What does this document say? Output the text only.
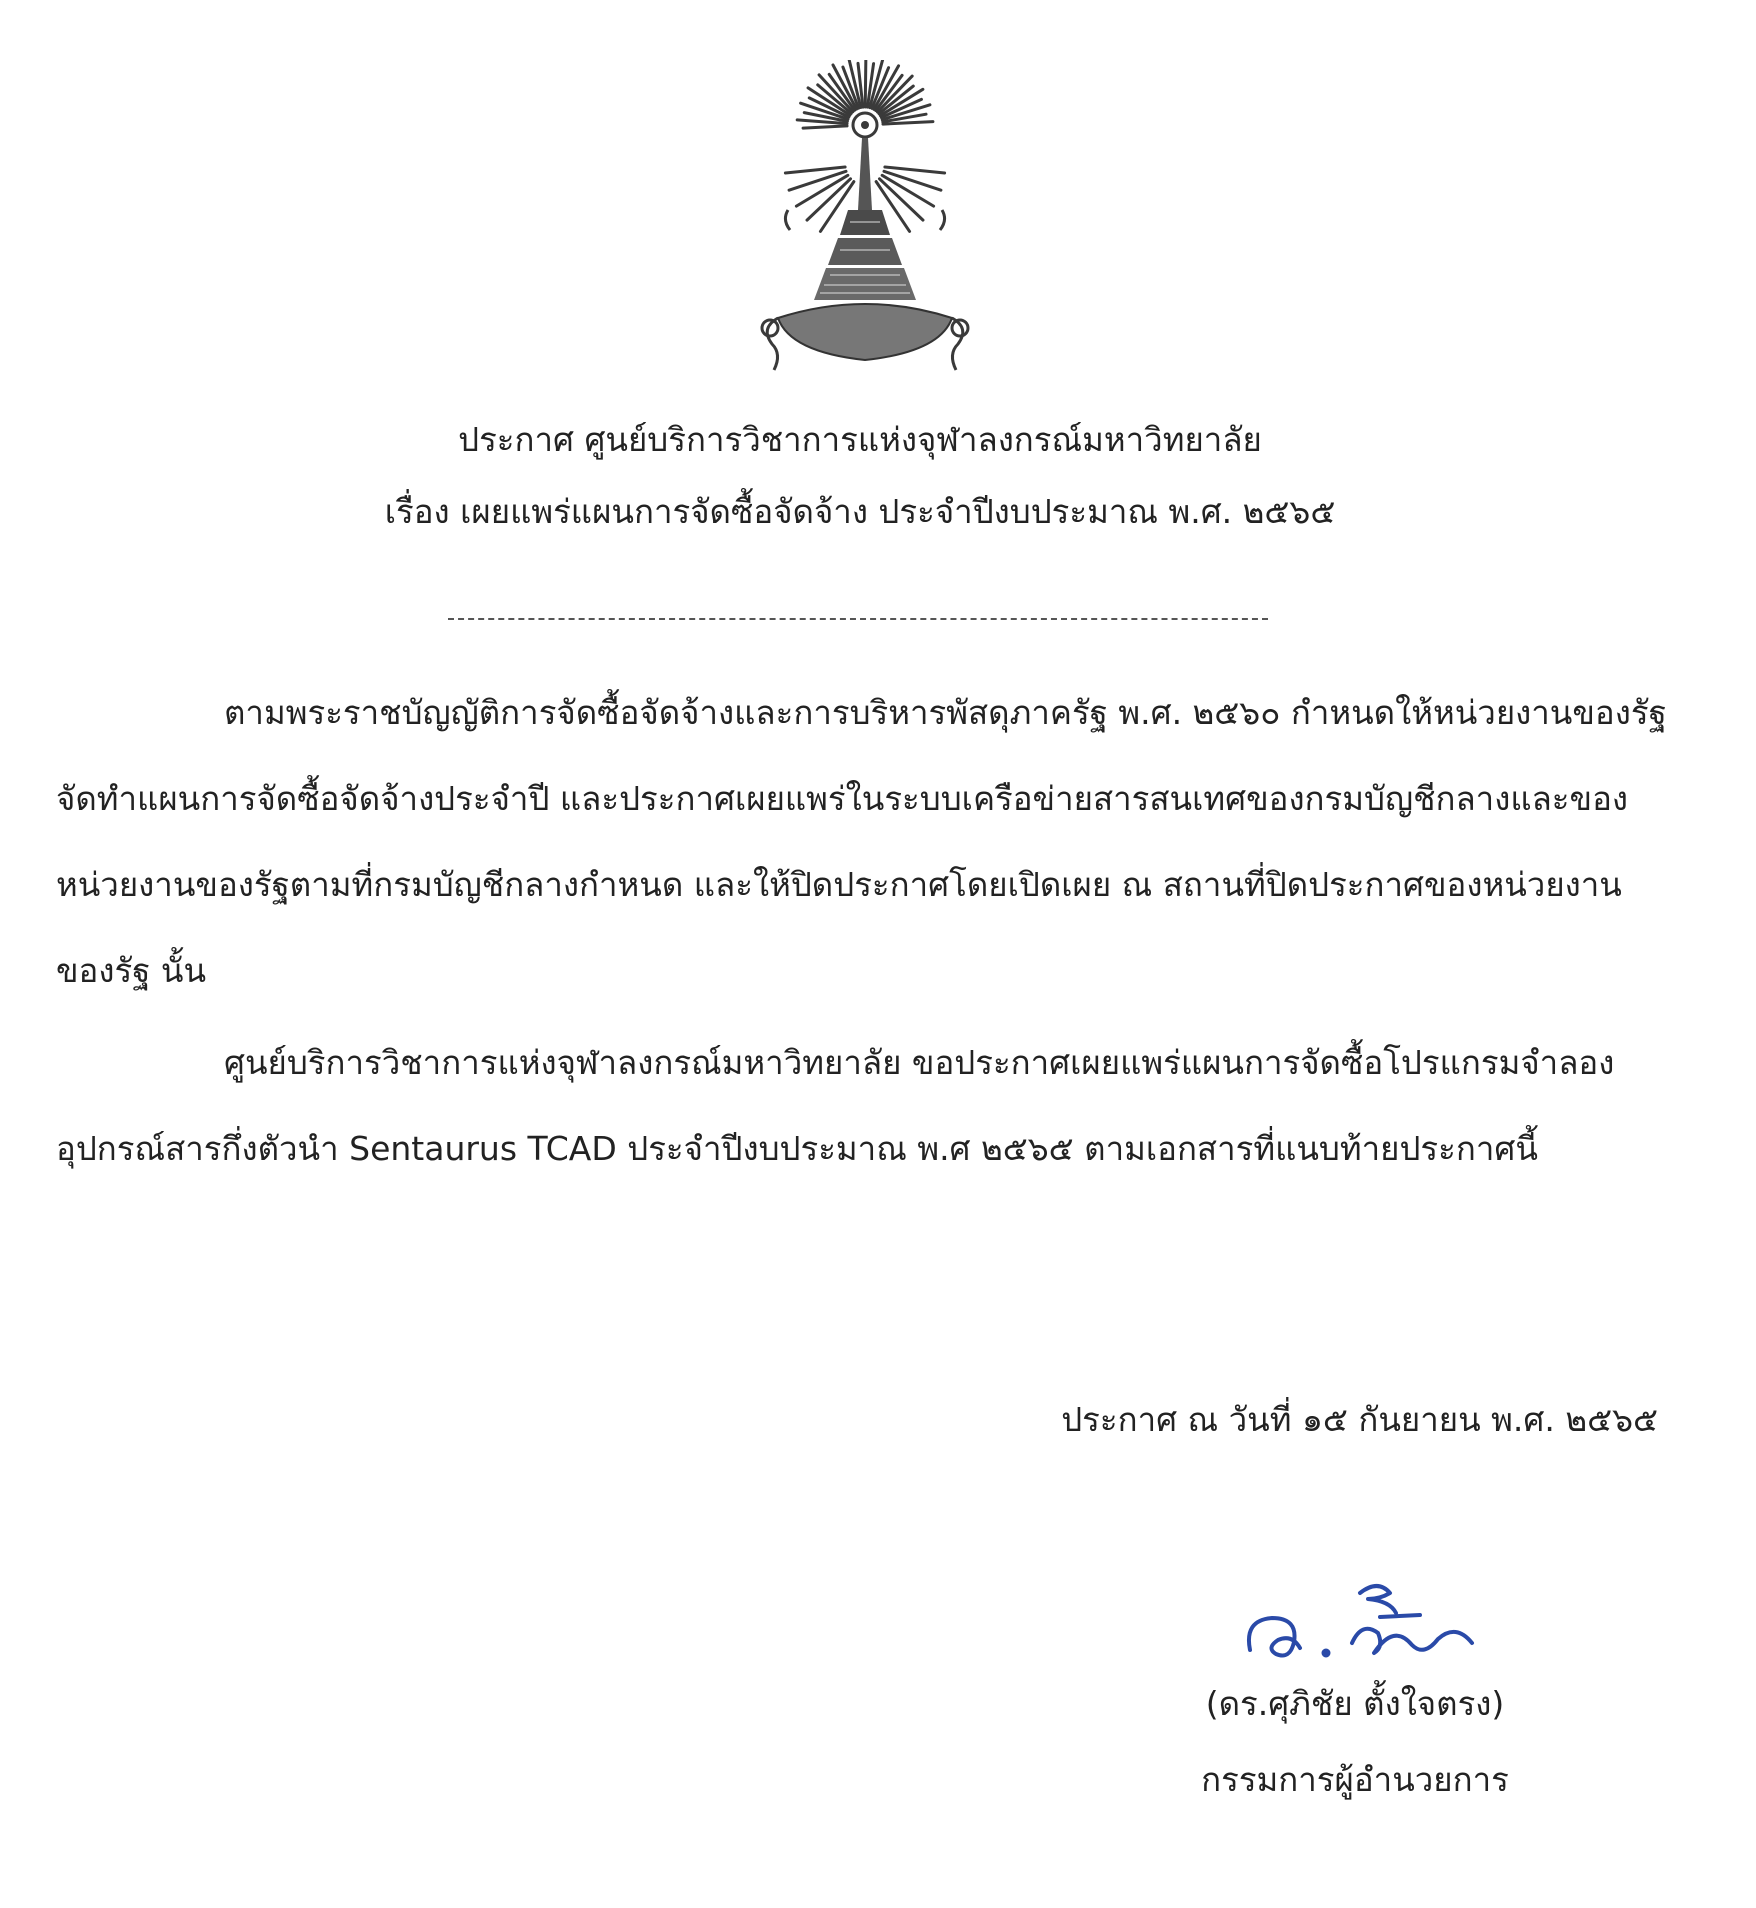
ประกาศ ศูนย์บริการวิชาการแห่งจุฬาลงกรณ์มหาวิทยาลัย
เรื่อง เผยแพร่แผนการจัดซื้อจัดจ้าง ประจำปีงบประมาณ พ.ศ. ๒๕๖๕
ตามพระราชบัญญัติการจัดซื้อจัดจ้างและการบริหารพัสดุภาครัฐ พ.ศ. ๒๕๖๐ กำหนดให้หน่วยงานของรัฐ
จัดทำแผนการจัดซื้อจัดจ้างประจำปี และประกาศเผยแพร่ในระบบเครือข่ายสารสนเทศของกรมบัญชีกลางและของ
หน่วยงานของรัฐตามที่กรมบัญชีกลางกำหนด และให้ปิดประกาศโดยเปิดเผย ณ สถานที่ปิดประกาศของหน่วยงาน
ของรัฐ นั้น
ศูนย์บริการวิชาการแห่งจุฬาลงกรณ์มหาวิทยาลัย ขอประกาศเผยแพร่แผนการจัดซื้อโปรแกรมจำลอง
อุปกรณ์สารกึ่งตัวนำ Sentaurus TCAD ประจำปีงบประมาณ พ.ศ ๒๕๖๕ ตามเอกสารที่แนบท้ายประกาศนี้
ประกาศ ณ วันที่ ๑๕ กันยายน พ.ศ. ๒๕๖๕
(ดร.ศุภิชัย ตั้งใจตรง)
กรรมการผู้อำนวยการ
